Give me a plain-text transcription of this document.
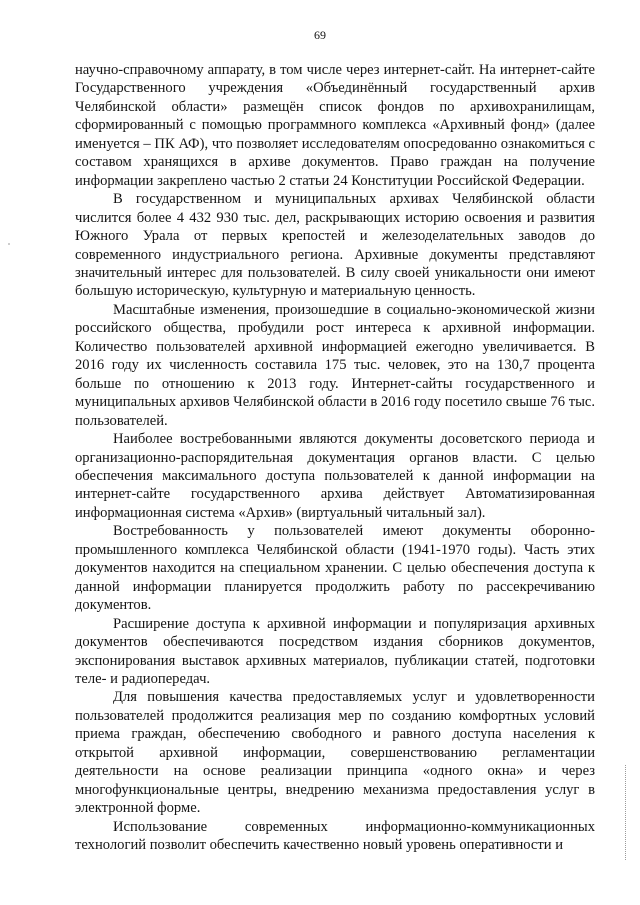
69

научно-справочному аппарату, в том числе через интернет-сайт. На интернет-сайте Государственного учреждения «Объединённый государственный архив Челябинской области» размещён список фондов по архивохранилищам, сформированный с помощью программного комплекса «Архивный фонд» (далее именуется – ПК АФ), что позволяет исследователям опосредованно ознакомиться с составом хранящихся в архиве документов. Право граждан на получение информации закреплено частью 2 статьи 24 Конституции Российской Федерации.

В государственном и муниципальных архивах Челябинской области числится более 4 432 930 тыс. дел, раскрывающих историю освоения и развития Южного Урала от первых крепостей и железоделательных заводов до современного индустриального региона. Архивные документы представляют значительный интерес для пользователей. В силу своей уникальности они имеют большую историческую, культурную и материальную ценность.

Масштабные изменения, произошедшие в социально-экономической жизни российского общества, пробудили рост интереса к архивной информации. Количество пользователей архивной информацией ежегодно увеличивается. В 2016 году их численность составила 175 тыс. человек, это на 130,7 процента больше по отношению к 2013 году. Интернет-сайты государственного и муниципальных архивов Челябинской области в 2016 году посетило свыше 76 тыс. пользователей.

Наиболее востребованными являются документы досоветского периода и организационно-распорядительная документация органов власти. С целью обеспечения максимального доступа пользователей к данной информации на интернет-сайте государственного архива действует Автоматизированная информационная система «Архив» (виртуальный читальный зал).

Востребованность у пользователей имеют документы оборонно-промышленного комплекса Челябинской области (1941-1970 годы). Часть этих документов находится на специальном хранении. С целью обеспечения доступа к данной информации планируется продолжить работу по рассекречиванию документов.

Расширение доступа к архивной информации и популяризация архивных документов обеспечиваются посредством издания сборников документов, экспонирования выставок архивных материалов, публикации статей, подготовки теле- и радиопередач.

Для повышения качества предоставляемых услуг и удовлетворенности пользователей продолжится реализация мер по созданию комфортных условий приема граждан, обеспечению свободного и равного доступа населения к открытой архивной информации, совершенствованию регламентации деятельности на основе реализации принципа «одного окна» и через многофункциональные центры, внедрению механизма предоставления услуг в электронной форме.

Использование современных информационно-коммуникационных технологий позволит обеспечить качественно новый уровень оперативности и
